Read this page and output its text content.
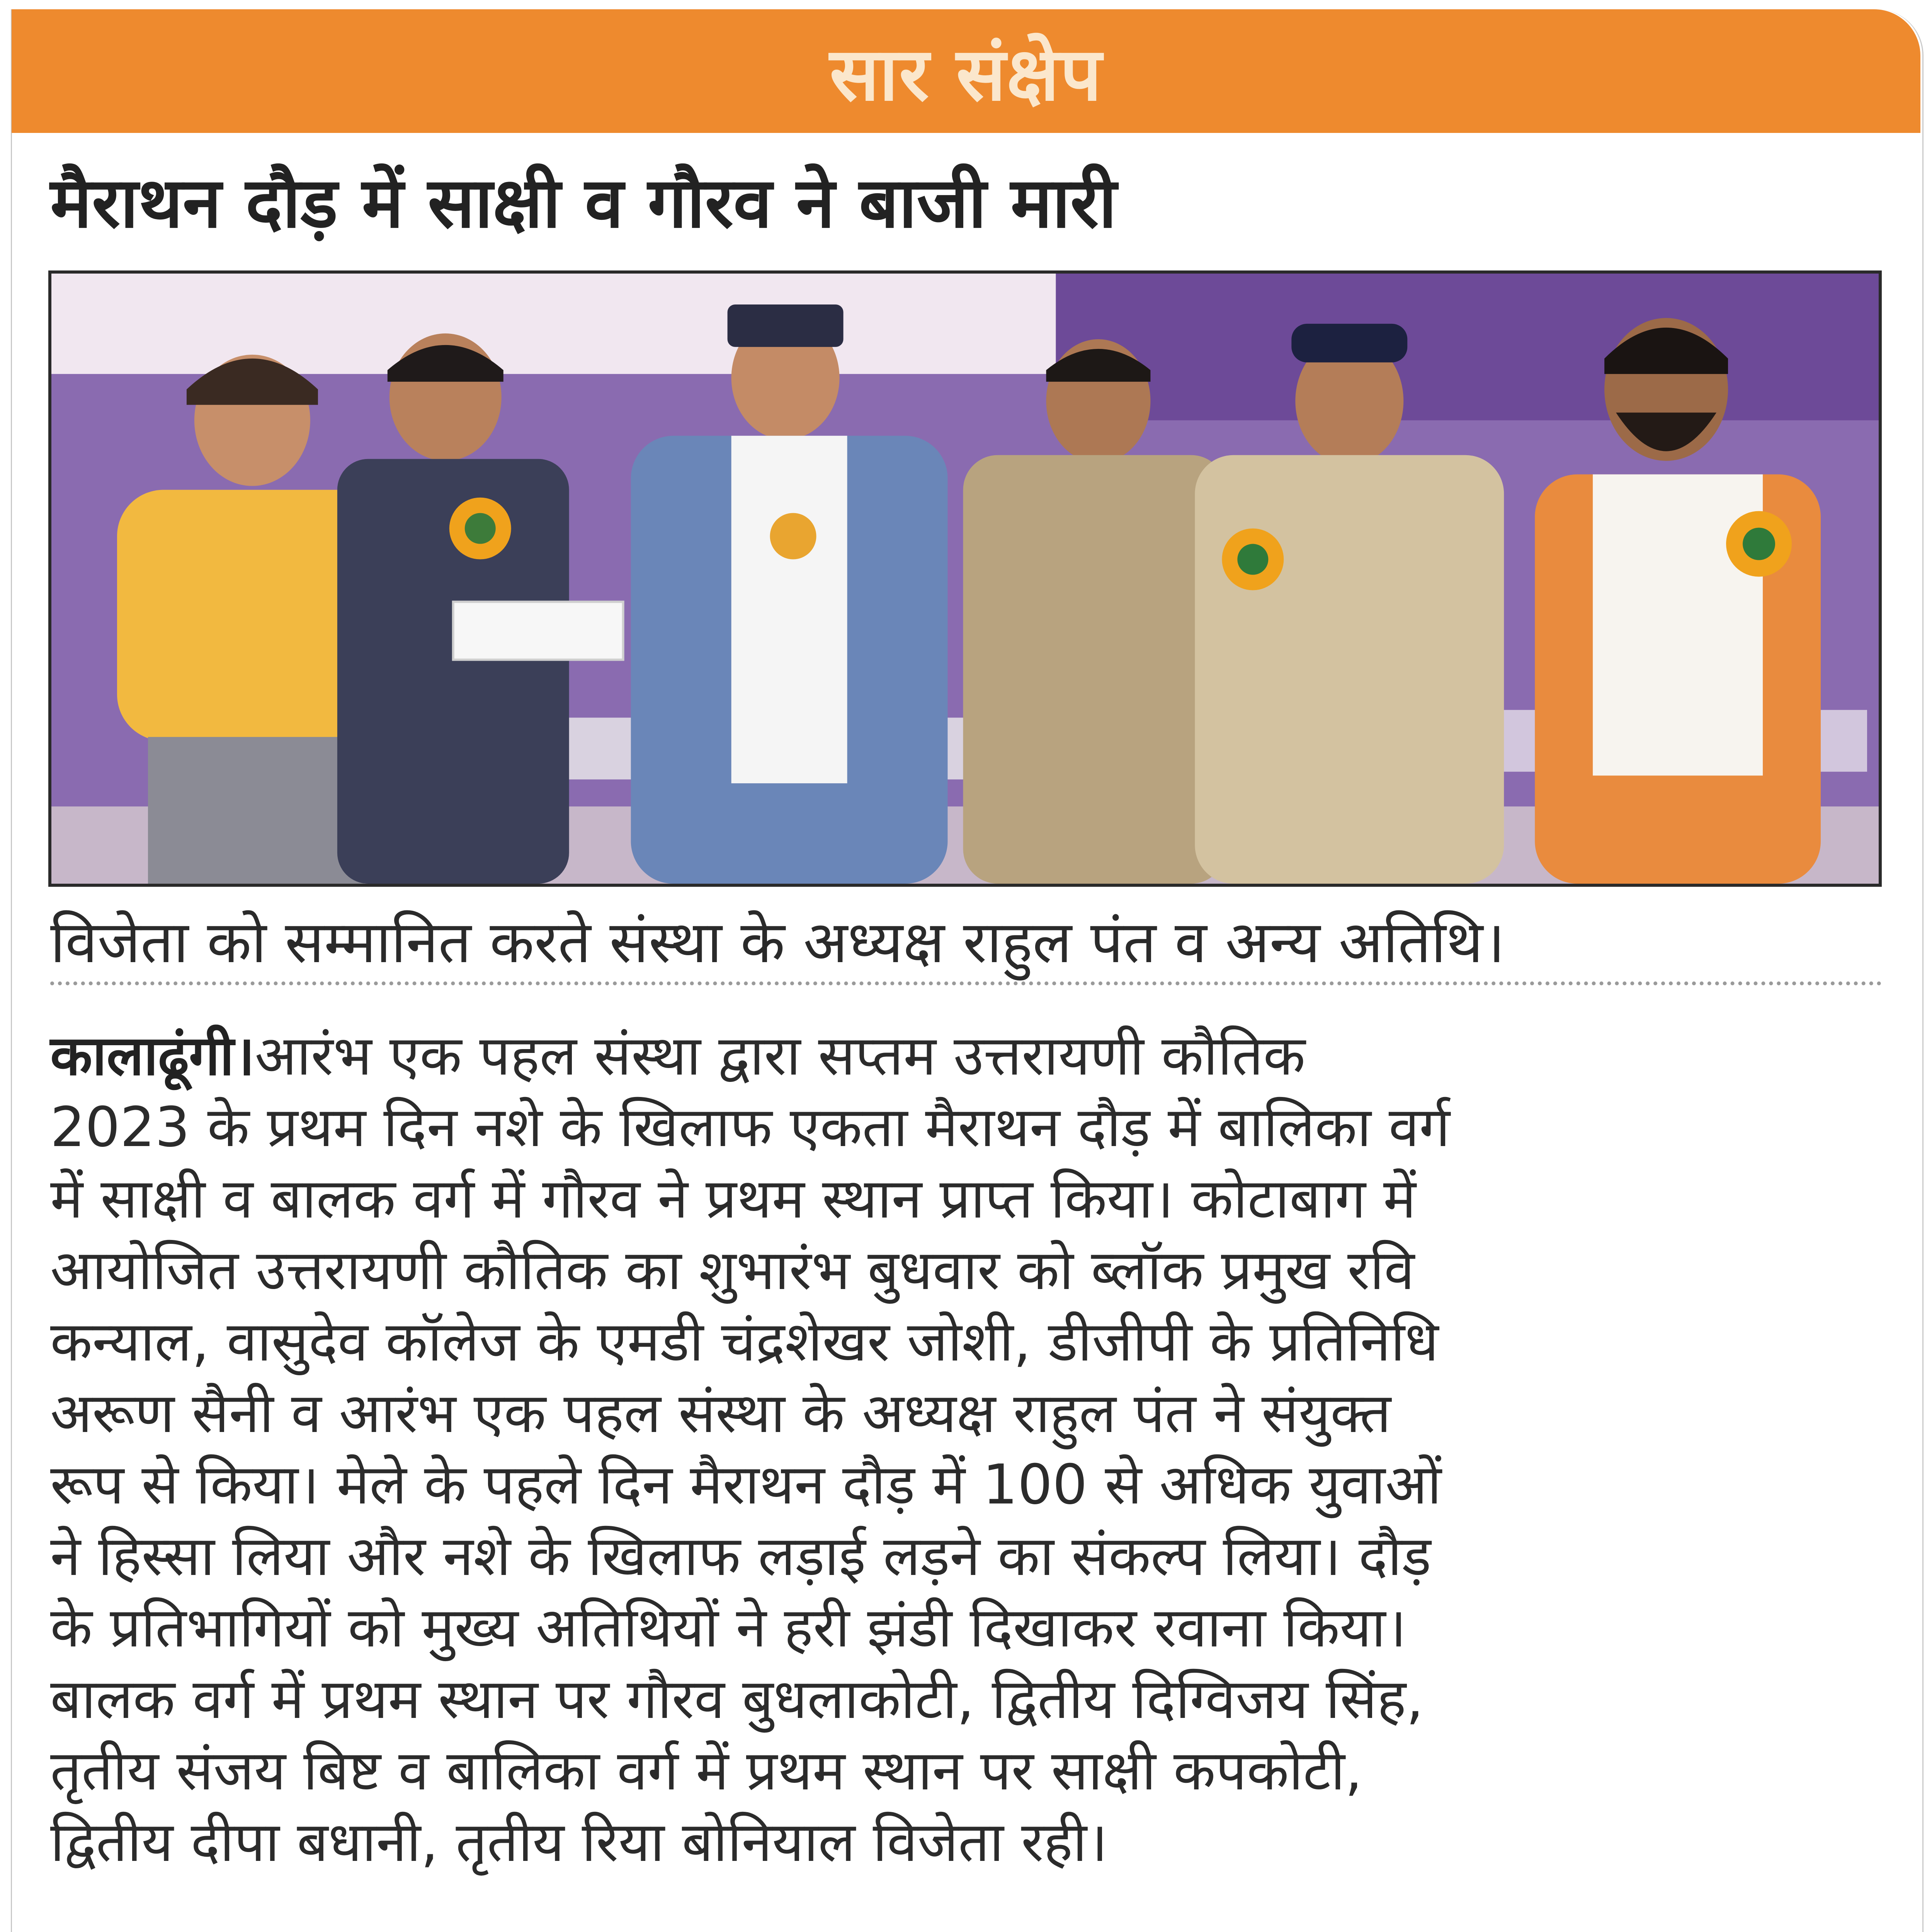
सार संक्षेप
मैराथन दौड़ में साक्षी व गौरव ने बाजी मारी
विजेता को सम्मानित करते संस्था के अध्यक्ष राहुल पंत व अन्य अतिथि।
कालाढूंगी।आरंभ एक पहल संस्था द्वारा सप्तम उत्तरायणी कौतिक
2023 के प्रथम दिन नशे के खिलाफ एकता मैराथन दौड़ में बालिका वर्ग
में साक्षी व बालक वर्ग में गौरव ने प्रथम स्थान प्राप्त किया। कोटाबाग में
आयोजित उत्तरायणी कौतिक का शुभारंभ बुधवार को ब्लॉक प्रमुख रवि
कन्याल, वासुदेव कॉलेज के एमडी चंद्रशेखर जोशी, डीजीपी के प्रतिनिधि
अरूण सैनी व आरंभ एक पहल संस्था के अध्यक्ष राहुल पंत ने संयुक्त
रूप से किया। मेले के पहले दिन मैराथन दौड़ में 100 से अधिक युवाओं
ने हिस्सा लिया और नशे के खिलाफ लड़ाई लड़ने का संकल्प लिया। दौड़
के प्रतिभागियों को मुख्य अतिथियों ने हरी झंडी दिखाकर रवाना किया।
बालक वर्ग में प्रथम स्थान पर गौरव बुधलाकोटी, द्वितीय दिग्विजय सिंह,
तृतीय संजय बिष्ट व बालिका वर्ग में प्रथम स्थान पर साक्षी कपकोटी,
द्वितीय दीपा बधानी, तृतीय रिया बोनियाल विजेता रही।
